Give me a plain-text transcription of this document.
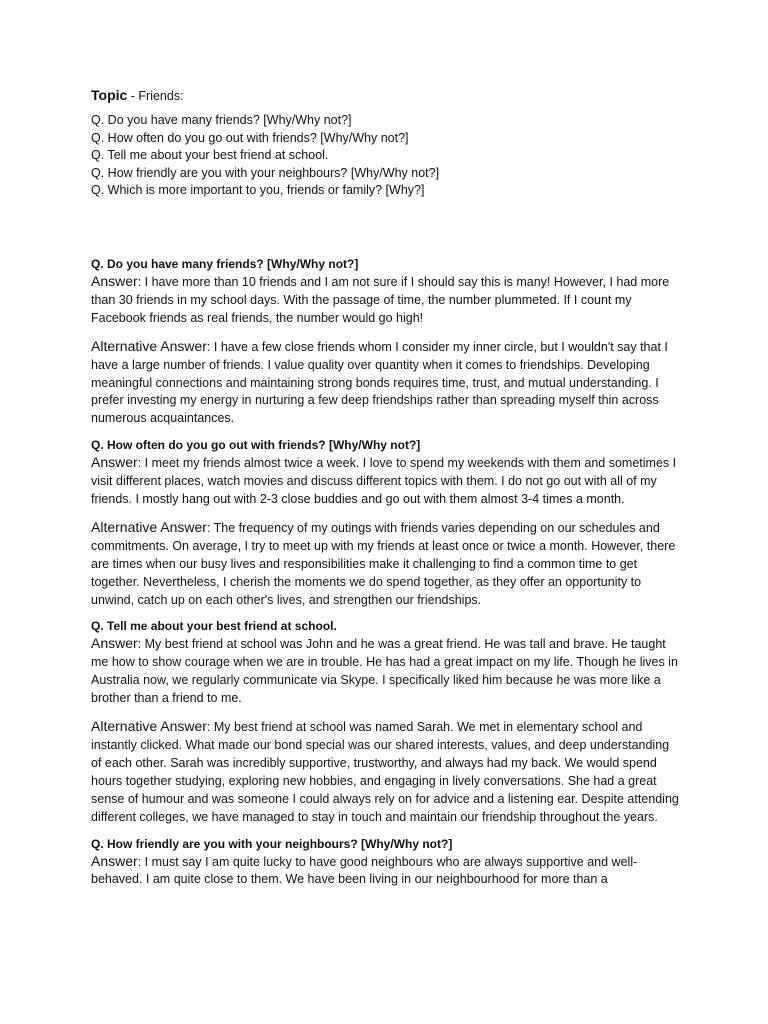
Topic - Friends:

Q. Do you have many friends? [Why/Why not?]
Q. How often do you go out with friends? [Why/Why not?]
Q. Tell me about your best friend at school.
Q. How friendly are you with your neighbours? [Why/Why not?]
Q. Which is more important to you, friends or family? [Why?]

Q. Do you have many friends? [Why/Why not?]

Answer: I have more than 10 friends and I am not sure if I should say this is many! However, I had more than 30 friends in my school days. With the passage of time, the number plummeted. If I count my Facebook friends as real friends, the number would go high!

Alternative Answer: I have a few close friends whom I consider my inner circle, but I wouldn't say that I have a large number of friends. I value quality over quantity when it comes to friendships. Developing meaningful connections and maintaining strong bonds requires time, trust, and mutual understanding. I prefer investing my energy in nurturing a few deep friendships rather than spreading myself thin across numerous acquaintances.

Q. How often do you go out with friends? [Why/Why not?]

Answer: I meet my friends almost twice a week. I love to spend my weekends with them and sometimes I visit different places, watch movies and discuss different topics with them. I do not go out with all of my friends. I mostly hang out with 2-3 close buddies and go out with them almost 3-4 times a month.

Alternative Answer: The frequency of my outings with friends varies depending on our schedules and commitments. On average, I try to meet up with my friends at least once or twice a month. However, there are times when our busy lives and responsibilities make it challenging to find a common time to get together. Nevertheless, I cherish the moments we do spend together, as they offer an opportunity to unwind, catch up on each other's lives, and strengthen our friendships.

Q. Tell me about your best friend at school.

Answer: My best friend at school was John and he was a great friend. He was tall and brave. He taught me how to show courage when we are in trouble. He has had a great impact on my life. Though he lives in Australia now, we regularly communicate via Skype. I specifically liked him because he was more like a brother than a friend to me.

Alternative Answer: My best friend at school was named Sarah. We met in elementary school and instantly clicked. What made our bond special was our shared interests, values, and deep understanding of each other. Sarah was incredibly supportive, trustworthy, and always had my back. We would spend hours together studying, exploring new hobbies, and engaging in lively conversations. She had a great sense of humour and was someone I could always rely on for advice and a listening ear. Despite attending different colleges, we have managed to stay in touch and maintain our friendship throughout the years.

Q. How friendly are you with your neighbours? [Why/Why not?]

Answer: I must say I am quite lucky to have good neighbours who are always supportive and well-behaved. I am quite close to them. We have been living in our neighbourhood for more than a
